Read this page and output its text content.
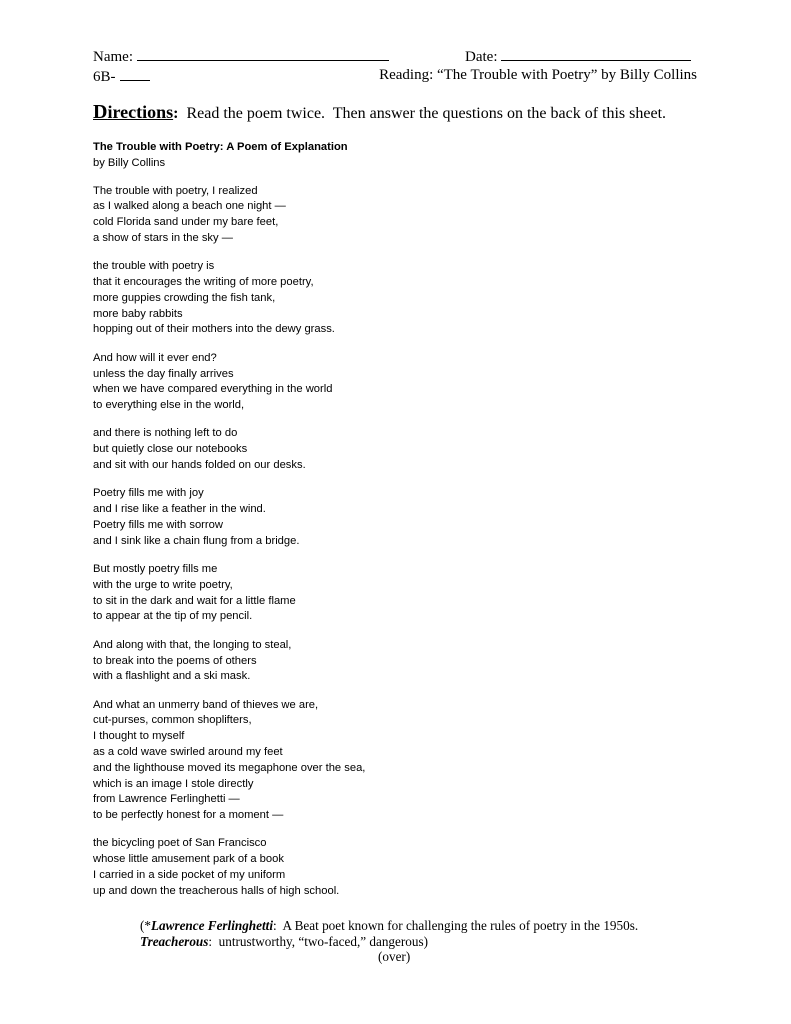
Name:	Date:
6B-	Reading: “The Trouble with Poetry” by Billy Collins
Directions:  Read the poem twice.  Then answer the questions on the back of this sheet.
The Trouble with Poetry: A Poem of Explanation
by Billy Collins
The trouble with poetry, I realized
as I walked along a beach one night —
cold Florida sand under my bare feet,
a show of stars in the sky —
the trouble with poetry is
that it encourages the writing of more poetry,
more guppies crowding the fish tank,
more baby rabbits
hopping out of their mothers into the dewy grass.
And how will it ever end?
unless the day finally arrives
when we have compared everything in the world
to everything else in the world,
and there is nothing left to do
but quietly close our notebooks
and sit with our hands folded on our desks.
Poetry fills me with joy
and I rise like a feather in the wind.
Poetry fills me with sorrow
and I sink like a chain flung from a bridge.
But mostly poetry fills me
with the urge to write poetry,
to sit in the dark and wait for a little flame
to appear at the tip of my pencil.
And along with that, the longing to steal,
to break into the poems of others
with a flashlight and a ski mask.
And what an unmerry band of thieves we are,
cut-purses, common shoplifters,
I thought to myself
as a cold wave swirled around my feet
and the lighthouse moved its megaphone over the sea,
which is an image I stole directly
from Lawrence Ferlinghetti —
to be perfectly honest for a moment —
the bicycling poet of San Francisco
whose little amusement park of a book
I carried in a side pocket of my uniform
up and down the treacherous halls of high school.
(*Lawrence Ferlinghetti:  A Beat poet known for challenging the rules of poetry in the 1950s.
Treacherous:  untrustworthy, “two-faced,” dangerous)
(over)
